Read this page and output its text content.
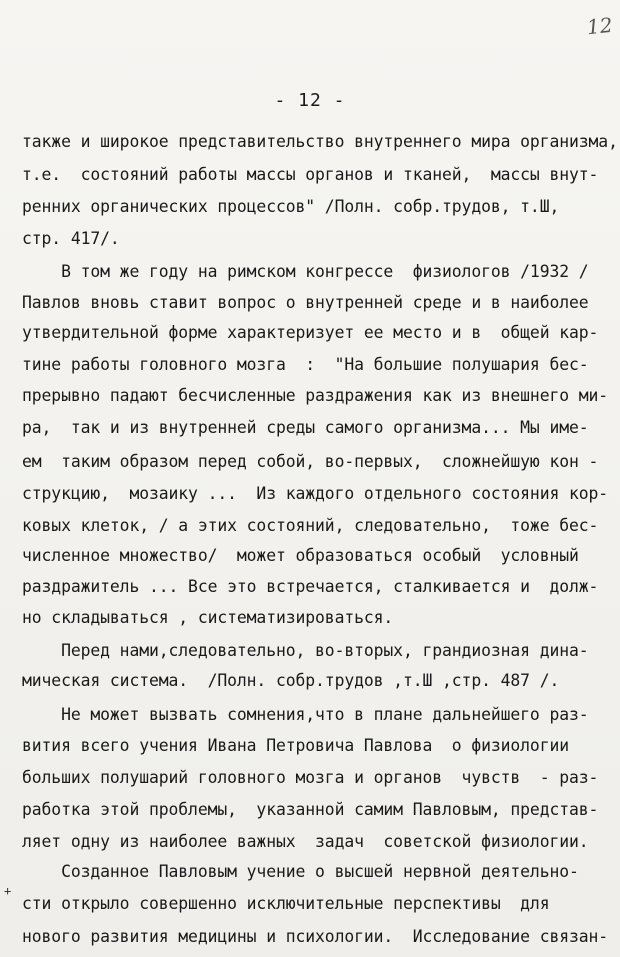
12
- 12 -
также и широкое представительство внутреннего мира организма,
т.е.  состояний работы массы органов и тканей,  массы внут-
ренних органических процессов" /Полн. собр.трудов, т.Ш,
стр. 417/.
В том же году на римском конгрессе  физиологов /1932 /
Павлов вновь ставит вопрос о внутренней среде и в наиболее
утвердительной форме характеризует ее место и в  общей кар-
тине работы головного мозга  :  "На большие полушария бес-
прерывно падают бесчисленные раздражения как из внешнего ми-
ра,  так и из внутренней среды самого организма... Мы име-
ем  таким образом перед собой, во-первых,  сложнейшую кон -
струкцию,  мозаику ...  Из каждого отдельного состояния кор-
ковых клеток, / а этих состояний, следовательно,  тоже бес-
численное множество/  может образоваться особый  условный
раздражитель ... Все это встречается, сталкивается и  долж-
но складываться , систематизироваться.
Перед нами,следовательно, во-вторых, грандиозная дина-
мическая система.  /Полн. собр.трудов ,т.Ш ,стр. 487 /.
Не может вызвать сомнения,что в плане дальнейшего раз-
вития всего учения Ивана Петровича Павлова  о физиологии
больших полушарий головного мозга и органов  чувств  - раз-
работка этой проблемы,  указанной самим Павловым, представ-
ляет одну из наиболее важных  задач  советской физиологии.
Созданное Павловым учение о высшей нервной деятельно-
сти открыло совершенно исключительные перспективы  для
нового развития медицины и психологии.  Исследование связан-
+
